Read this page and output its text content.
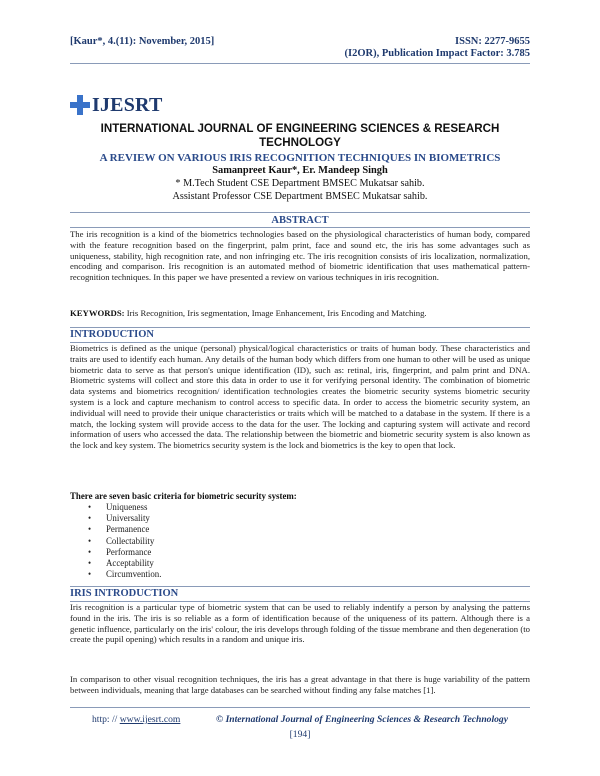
[Kaur*, 4.(11): November, 2015]	ISSN: 2277-9655
(I2OR), Publication Impact Factor: 3.785
IJESRT
INTERNATIONAL JOURNAL OF ENGINEERING SCIENCES & RESEARCH
TECHNOLOGY
A REVIEW ON VARIOUS IRIS RECOGNITION TECHNIQUES IN BIOMETRICS
Samanpreet Kaur*, Er. Mandeep Singh
* M.Tech Student CSE Department BMSEC Mukatsar sahib.
Assistant Professor CSE Department BMSEC Mukatsar sahib.
ABSTRACT
The iris recognition is a kind of the biometrics technologies based on the physiological characteristics of human body, compared with the feature recognition based on the fingerprint, palm print, face and sound etc, the iris has some advantages such as uniqueness, stability, high recognition rate, and non infringing etc. The iris recognition consists of iris localization, normalization, encoding and comparison. Iris recognition is an automated method of biometric identification that uses mathematical pattern-recognition techniques. In this paper we have presented a review on various techniques in iris recognition.
KEYWORDS: Iris Recognition, Iris segmentation, Image Enhancement, Iris Encoding and Matching.
INTRODUCTION
Biometrics is defined as the unique (personal) physical/logical characteristics or traits of human body. These characteristics and traits are used to identify each human. Any details of the human body which differs from one human to other will be used as unique biometric data to serve as that person's unique identification (ID), such as: retinal, iris, fingerprint, and palm print and DNA. Biometric systems will collect and store this data in order to use it for verifying personal identity. The combination of biometric data systems and biometrics recognition/ identification technologies creates the biometric security systems biometric security system is a lock and capture mechanism to control access to specific data. In order to access the biometric security system, an individual will need to provide their unique characteristics or traits which will be matched to a database in the system. If there is a match, the locking system will provide access to the data for the user. The locking and capturing system will activate and record information of users who accessed the data. The relationship between the biometric and biometric security system is also known as the lock and key system. The biometrics security system is the lock and biometrics is the key to open that lock.
There are seven basic criteria for biometric security system:
• Uniqueness
• Universality
• Permanence
• Collectability
• Performance
• Acceptability
• Circumvention.
IRIS INTRODUCTION
Iris recognition is a particular type of biometric system that can be used to reliably indentify a person by analysing the patterns found in the iris. The iris is so reliable as a form of identification because of the uniqueness of its pattern. Although there is a genetic influence, particularly on the iris' colour, the iris develops through folding of the tissue membrane and then degeneration (to create the pupil opening) which results in a random and unique iris.
In comparison to other visual recognition techniques, the iris has a great advantage in that there is huge variability of the pattern between individuals, meaning that large databases can be searched without finding any false matches [1].
http: // www.ijesrt.com	© International Journal of Engineering Sciences & Research Technology
[194]
